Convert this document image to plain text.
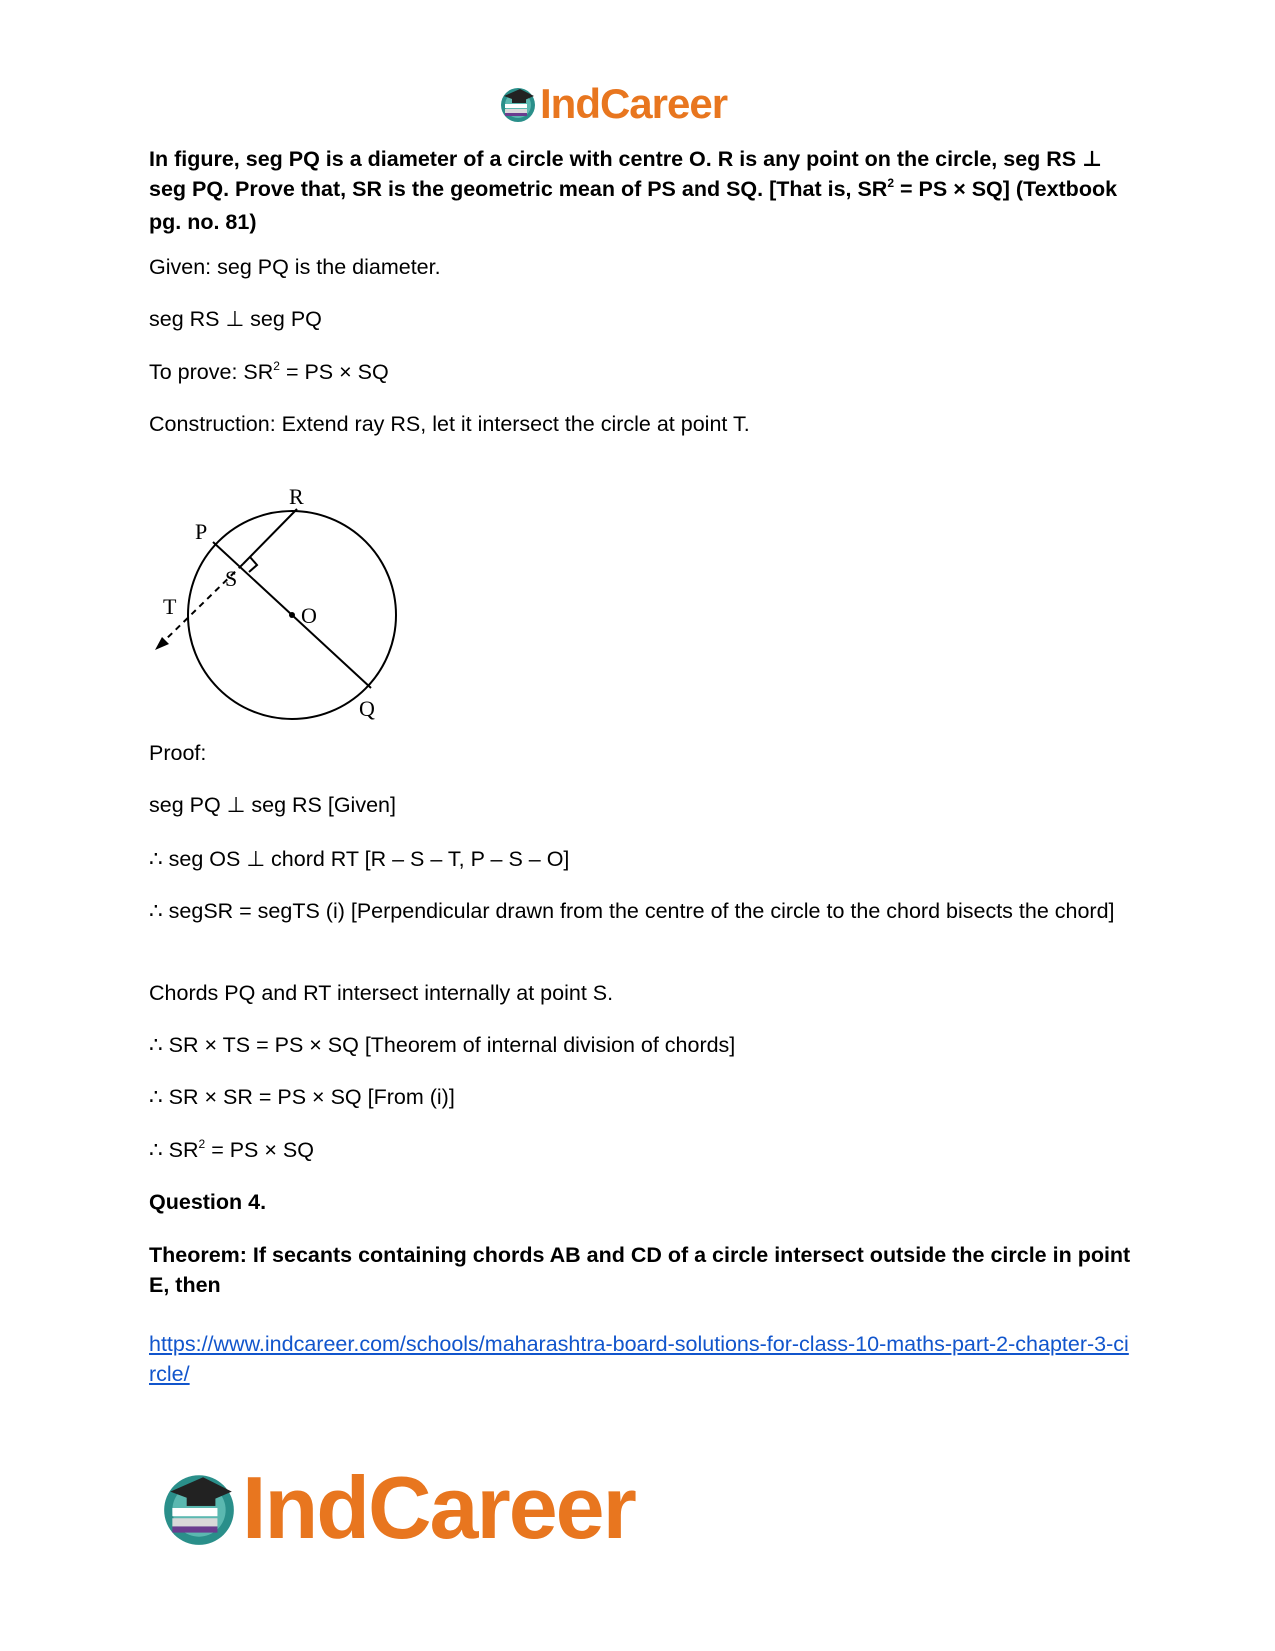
IndCareer

In figure, seg PQ is a diameter of a circle with centre O. R is any point on the circle, seg RS ⊥ seg PQ. Prove that, SR is the geometric mean of PS and SQ. [That is, $SR^2$ = PS × SQ] (Textbook pg. no. 81)

Given: seg PQ is the diameter.

seg RS ⊥ seg PQ

To prove: $SR^2$ = PS × SQ

Construction: Extend ray RS, let it intersect the circle at point T.

Proof:

seg PQ ⊥ seg RS [Given]

∴ seg OS ⊥ chord RT [R – S – T, P – S – O]

∴ segSR = segTS (i) [Perpendicular drawn from the centre of the circle to the chord bisects the chord]

Chords PQ and RT intersect internally at point S.

∴ SR × TS = PS × SQ [Theorem of internal division of chords]

∴ SR × SR = PS × SQ [From (i)]

∴ $SR^2$ = PS × SQ

Question 4.

Theorem: If secants containing chords AB and CD of a circle intersect outside the circle in point E, then

https://www.indcareer.com/schools/maharashtra-board-solutions-for-class-10-maths-part-2-chapter-3-circle/

R
P
S
T	O
Q
IndCareer
